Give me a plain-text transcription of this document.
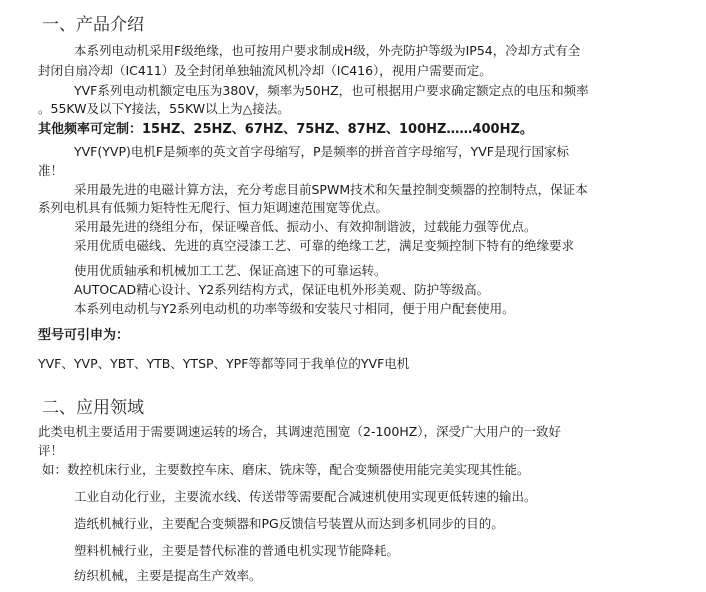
一、产品介绍
本系列电动机采用F级绝缘，也可按用户要求制成H级，外壳防护等级为IP54，冷却方式有全
封闭自扇冷却（IC411）及全封闭单独轴流风机冷却（IC416），视用户需要而定。
YVF系列电动机额定电压为380V，频率为50HZ，也可根据用户要求确定额定点的电压和频率
。55KW及以下Y接法，55KW以上为△接法。
其他频率可定制：15HZ、25HZ、67HZ、75HZ、87HZ、100HZ……400HZ。
YVF(YVP)电机F是频率的英文首字母缩写，P是频率的拼音首字母缩写，YVF是现行国家标
准！
采用最先进的电磁计算方法，充分考虑目前SPWM技术和矢量控制变频器的控制特点，保证本
系列电机具有低频力矩特性无爬行、恒力矩调速范围宽等优点。
采用最先进的绕组分布，保证噪音低、振动小、有效抑制谐波，过载能力强等优点。
采用优质电磁线、先进的真空浸漆工艺、可靠的绝缘工艺，满足变频控制下特有的绝缘要求
使用优质轴承和机械加工工艺、保证高速下的可靠运转。
AUTOCAD精心设计、Y2系列结构方式，保证电机外形美观、防护等级高。
本系列电动机与Y2系列电动机的功率等级和安装尺寸相同，便于用户配套使用。
型号可引申为：
YVF、YVP、YBT、YTB、YTSP、YPF等都等同于我单位的YVF电机
二、应用领域
此类电机主要适用于需要调速运转的场合，其调速范围宽（2-100HZ），深受广大用户的一致好
评！
如：数控机床行业，主要数控车床、磨床、铣床等，配合变频器使用能完美实现其性能。
工业自动化行业，主要流水线、传送带等需要配合减速机使用实现更低转速的输出。
造纸机械行业，主要配合变频器和PG反馈信号装置从而达到多机同步的目的。
塑料机械行业，主要是替代标准的普通电机实现节能降耗。
纺织机械，主要是提高生产效率。
